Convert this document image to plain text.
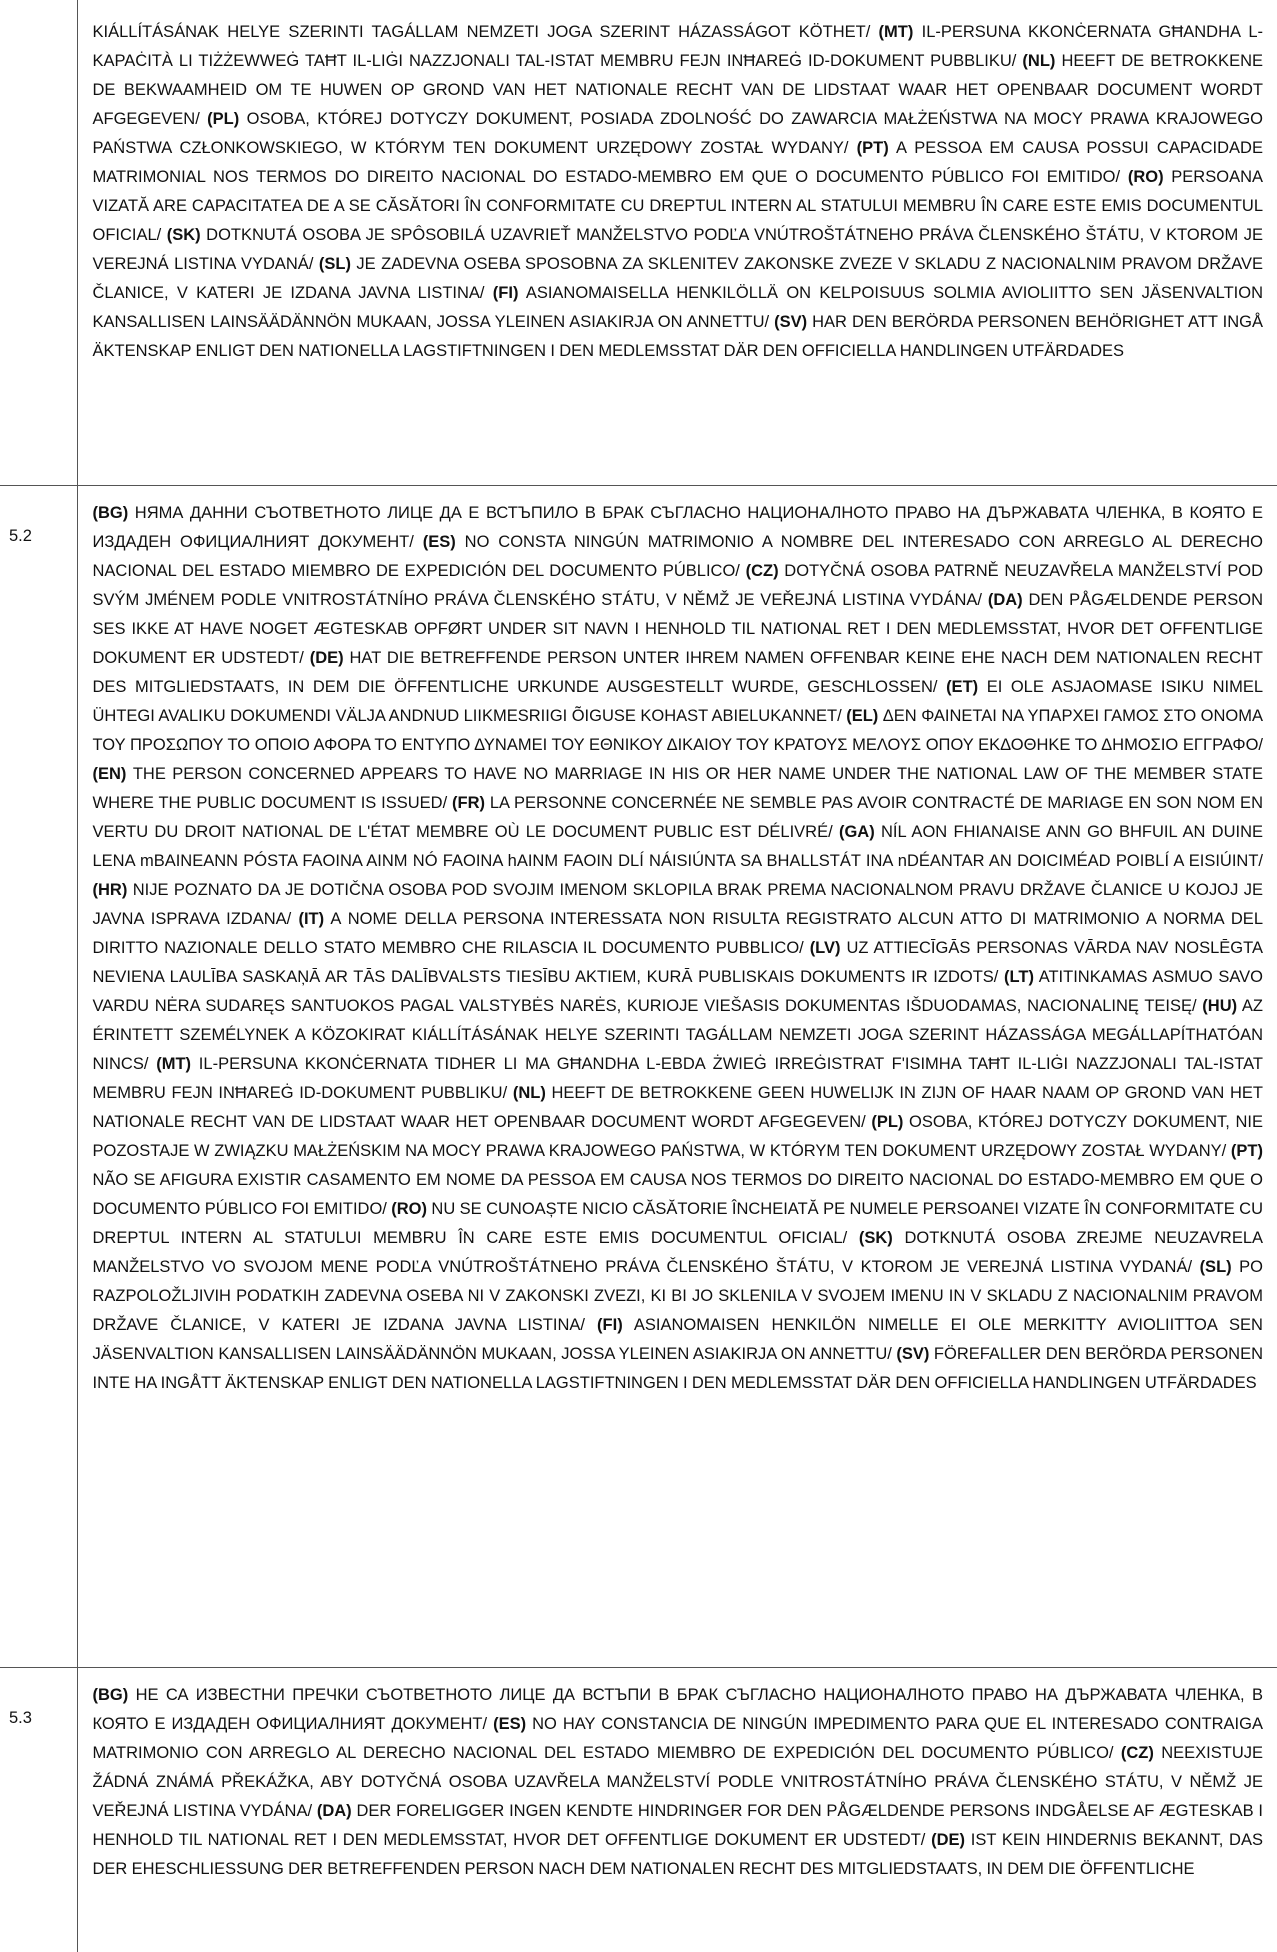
	KIÁLLÍTÁSÁNAK HELYE SZERINTI TAGÁLLAM NEMZETI JOGA SZERINT HÁZASSÁGOT KÖTHET/ (MT) IL-PERSUNA KKONĊERNATA GĦANDHA L-KAPAĊITÀ LI TIŻŻEWWEĠ TAĦT IL-LIĠI NAZZJONALI TAL-ISTAT MEMBRU FEJN INĦAREĠ ID-DOKUMENT PUBBLIKU/ (NL) HEEFT DE BETROKKENE DE BEKWAAMHEID OM TE HUWEN OP GROND VAN HET NATIONALE RECHT VAN DE LIDSTAAT WAAR HET OPENBAAR DOCUMENT WORDT AFGEGEVEN/ (PL) OSOBA, KTÓREJ DOTYCZY DOKUMENT, POSIADA ZDOLNOŚĆ DO ZAWARCIA MAŁŻEŃSTWA NA MOCY PRAWA KRAJOWEGO PAŃSTWA CZŁONKOWSKIEGO, W KTÓRYM TEN DOKUMENT URZĘDOWY ZOSTAŁ WYDANY/ (PT) A PESSOA EM CAUSA POSSUI CAPACIDADE MATRIMONIAL NOS TERMOS DO DIREITO NACIONAL DO ESTADO-MEMBRO EM QUE O DOCUMENTO PÚBLICO FOI EMITIDO/ (RO) PERSOANA VIZATĂ ARE CAPACITATEA DE A SE CĂSĂTORI ÎN CONFORMITATE CU DREPTUL INTERN AL STATULUI MEMBRU ÎN CARE ESTE EMIS DOCUMENTUL OFICIAL/ (SK) DOTKNUTÁ OSOBA JE SPÔSOBILÁ UZAVRIEŤ MANŽELSTVO PODĽA VNÚTROŠTÁTNEHO PRÁVA ČLENSKÉHO ŠTÁTU, V KTOROM JE VEREJNÁ LISTINA VYDANÁ/ (SL) JE ZADEVNA OSEBA SPOSOBNA ZA SKLENITEV ZAKONSKE ZVEZE V SKLADU Z NACIONALNIM PRAVOM DRŽAVE ČLANICE, V KATERI JE IZDANA JAVNA LISTINA/ (FI) ASIANOMAISELLA HENKILÖLLÄ ON KELPOISUUS SOLMIA AVIOLIITTO SEN JÄSENVALTION KANSALLISEN LAINSÄÄDÄNNÖN MUKAAN, JOSSA YLEINEN ASIAKIRJA ON ANNETTU/ (SV) HAR DEN BERÖRDA PERSONEN BEHÖRIGHET ATT INGÅ ÄKTENSKAP ENLIGT DEN NATIONELLA LAGSTIFTNINGEN I DEN MEDLEMSSTAT DÄR DEN OFFICIELLA HANDLINGEN UTFÄRDADES
5.2	(BG) НЯМА ДАННИ СЪОТВЕТНОТО ЛИЦЕ ДА Е ВСТЪПИЛО В БРАК СЪГЛАСНО НАЦИОНАЛНОТО ПРАВО НА ДЪРЖАВАТА ЧЛЕНКА, В КОЯТО Е ИЗДАДЕН ОФИЦИАЛНИЯТ ДОКУМЕНТ/ (ES) NO CONSTA NINGÚN MATRIMONIO A NOMBRE DEL INTERESADO CON ARREGLO AL DERECHO NACIONAL DEL ESTADO MIEMBRO DE EXPEDICIÓN DEL DOCUMENTO PÚBLICO/ (CZ) DOTYČNÁ OSOBA PATRNĚ NEUZAVŘELA MANŽELSTVÍ POD SVÝM JMÉNEM PODLE VNITROSTÁTNÍHO PRÁVA ČLENSKÉHO STÁTU, V NĚMŽ JE VEŘEJNÁ LISTINA VYDÁNA/ (DA) DEN PÅGÆLDENDE PERSON SES IKKE AT HAVE NOGET ÆGTESKAB OPFØRT UNDER SIT NAVN I HENHOLD TIL NATIONAL RET I DEN MEDLEMSSTAT, HVOR DET OFFENTLIGE DOKUMENT ER UDSTEDT/ (DE) HAT DIE BETREFFENDE PERSON UNTER IHREM NAMEN OFFENBAR KEINE EHE NACH DEM NATIONALEN RECHT DES MITGLIEDSTAATS, IN DEM DIE ÖFFENTLICHE URKUNDE AUSGESTELLT WURDE, GESCHLOSSEN/ (ET) EI OLE ASJAOMASE ISIKU NIMEL ÜHTEGI AVALIKU DOKUMENDI VÄLJA ANDNUD LIIKMESRIIGI ÕIGUSE KOHAST ABIELUKANNET/ (EL) ΔΕΝ ΦΑΙΝΕΤΑΙ ΝΑ ΥΠΑΡΧΕΙ ΓΑΜΟΣ ΣΤΟ ΟΝΟΜΑ ΤΟΥ ΠΡΟΣΩΠΟΥ ΤΟ ΟΠΟΙΟ ΑΦΟΡΑ ΤΟ ΕΝΤΥΠΟ ΔΥΝΑΜΕΙ ΤΟΥ ΕΘΝΙΚΟΥ ΔΙΚΑΙΟΥ ΤΟΥ ΚΡΑΤΟΥΣ ΜΕΛΟΥΣ ΟΠΟΥ ΕΚΔΟΘΗΚΕ ΤΟ ΔΗΜΟΣΙΟ ΕΓΓΡΑΦΟ/ (EN) THE PERSON CONCERNED APPEARS TO HAVE NO MARRIAGE IN HIS OR HER NAME UNDER THE NATIONAL LAW OF THE MEMBER STATE WHERE THE PUBLIC DOCUMENT IS ISSUED/ (FR) LA PERSONNE CONCERNÉE NE SEMBLE PAS AVOIR CONTRACTÉ DE MARIAGE EN SON NOM EN VERTU DU DROIT NATIONAL DE L'ÉTAT MEMBRE OÙ LE DOCUMENT PUBLIC EST DÉLIVRÉ/ (GA) NÍL AON FHIANAISE ANN GO BHFUIL AN DUINE LENA mBAINEANN PÓSTA FAOINA AINM NÓ FAOINA hAINM FAOIN DLÍ NÁISIÚNTA SA BHALLSTÁT INA nDÉANTAR AN DOICIMÉAD POIBLÍ A EISIÚINT/ (HR) NIJE POZNATO DA JE DOTIČNA OSOBA POD SVOJIM IMENOM SKLOPILA BRAK PREMA NACIONALNOM PRAVU DRŽAVE ČLANICE U KOJOJ JE JAVNA ISPRAVA IZDANA/ (IT) A NOME DELLA PERSONA INTERESSATA NON RISULTA REGISTRATO ALCUN ATTO DI MATRIMONIO A NORMA DEL DIRITTO NAZIONALE DELLO STATO MEMBRO CHE RILASCIA IL DOCUMENTO PUBBLICO/ (LV) UZ ATTIECĪGĀS PERSONAS VĀRDA NAV NOSLĒGTA NEVIENA LAULĪBA SASKAŅĀ AR TĀS DALĪBVALSTS TIESĪBU AKTIEM, KURĀ PUBLISKAIS DOKUMENTS IR IZDOTS/ (LT) ATITINKAMAS ASMUO SAVO VARDU NĖRA SUDARĘS SANTUOKOS PAGAL VALSTYBĖS NARĖS, KURIOJE VIEŠASIS DOKUMENTAS IŠDUODAMAS, NACIONALINĘ TEISĘ/ (HU) AZ ÉRINTETT SZEMÉLYNEK A KÖZOKIRAT KIÁLLÍTÁSÁNAK HELYE SZERINTI TAGÁLLAM NEMZETI JOGA SZERINT HÁZASSÁGA MEGÁLLAPÍTHATÓAN NINCS/ (MT) IL-PERSUNA KKONĊERNATA TIDHER LI MA GĦANDHA L-EBDA ŻWIEĠ IRREĠISTRAT F'ISIMHA TAĦT IL-LIĠI NAZZJONALI TAL-ISTAT MEMBRU FEJN INĦAREĠ ID-DOKUMENT PUBBLIKU/ (NL) HEEFT DE BETROKKENE GEEN HUWELIJK IN ZIJN OF HAAR NAAM OP GROND VAN HET NATIONALE RECHT VAN DE LIDSTAAT WAAR HET OPENBAAR DOCUMENT WORDT AFGEGEVEN/ (PL) OSOBA, KTÓREJ DOTYCZY DOKUMENT, NIE POZOSTAJE W ZWIĄZKU MAŁŻEŃSKIM NA MOCY PRAWA KRAJOWEGO PAŃSTWA, W KTÓRYM TEN DOKUMENT URZĘDOWY ZOSTAŁ WYDANY/ (PT) NÃO SE AFIGURA EXISTIR CASAMENTO EM NOME DA PESSOA EM CAUSA NOS TERMOS DO DIREITO NACIONAL DO ESTADO-MEMBRO EM QUE O DOCUMENTO PÚBLICO FOI EMITIDO/ (RO) NU SE CUNOAȘTE NICIO CĂSĂTORIE ÎNCHEIATĂ PE NUMELE PERSOANEI VIZATE ÎN CONFORMITATE CU DREPTUL INTERN AL STATULUI MEMBRU ÎN CARE ESTE EMIS DOCUMENTUL OFICIAL/ (SK) DOTKNUTÁ OSOBA ZREJME NEUZAVRELA MANŽELSTVO VO SVOJOM MENE PODĽA VNÚTROŠTÁTNEHO PRÁVA ČLENSKÉHO ŠTÁTU, V KTOROM JE VEREJNÁ LISTINA VYDANÁ/ (SL) PO RAZPOLOŽLJIVIH PODATKIH ZADEVNA OSEBA NI V ZAKONSKI ZVEZI, KI BI JO SKLENILA V SVOJEM IMENU IN V SKLADU Z NACIONALNIM PRAVOM DRŽAVE ČLANICE, V KATERI JE IZDANA JAVNA LISTINA/ (FI) ASIANOMAISEN HENKILÖN NIMELLE EI OLE MERKITTY AVIOLIITTOA SEN JÄSENVALTION KANSALLISEN LAINSÄÄDÄNNÖN MUKAAN, JOSSA YLEINEN ASIAKIRJA ON ANNETTU/ (SV) FÖREFALLER DEN BERÖRDA PERSONEN INTE HA INGÅTT ÄKTENSKAP ENLIGT DEN NATIONELLA LAGSTIFTNINGEN I DEN MEDLEMSSTAT DÄR DEN OFFICIELLA HANDLINGEN UTFÄRDADES
5.3	(BG) НЕ СА ИЗВЕСТНИ ПРЕЧКИ СЪОТВЕТНОТО ЛИЦЕ ДА ВСТЪПИ В БРАК СЪГЛАСНО НАЦИОНАЛНОТО ПРАВО НА ДЪРЖАВАТА ЧЛЕНКА, В КОЯТО Е ИЗДАДЕН ОФИЦИАЛНИЯТ ДОКУМЕНТ/ (ES) NO HAY CONSTANCIA DE NINGÚN IMPEDIMENTO PARA QUE EL INTERESADO CONTRAIGA MATRIMONIO CON ARREGLO AL DERECHO NACIONAL DEL ESTADO MIEMBRO DE EXPEDICIÓN DEL DOCUMENTO PÚBLICO/ (CZ) NEEXISTUJE ŽÁDNÁ ZNÁMÁ PŘEKÁŽKA, ABY DOTYČNÁ OSOBA UZAVŘELA MANŽELSTVÍ PODLE VNITROSTÁTNÍHO PRÁVA ČLENSKÉHO STÁTU, V NĚMŽ JE VEŘEJNÁ LISTINA VYDÁNA/ (DA) DER FORELIGGER INGEN KENDTE HINDRINGER FOR DEN PÅGÆLDENDE PERSONS INDGÅELSE AF ÆGTESKAB I HENHOLD TIL NATIONAL RET I DEN MEDLEMSSTAT, HVOR DET OFFENTLIGE DOKUMENT ER UDSTEDT/ (DE) IST KEIN HINDERNIS BEKANNT, DAS DER EHESCHLIESSUNG DER BETREFFENDEN PERSON NACH DEM NATIONALEN RECHT DES MITGLIEDSTAATS, IN DEM DIE ÖFFENTLICHE
